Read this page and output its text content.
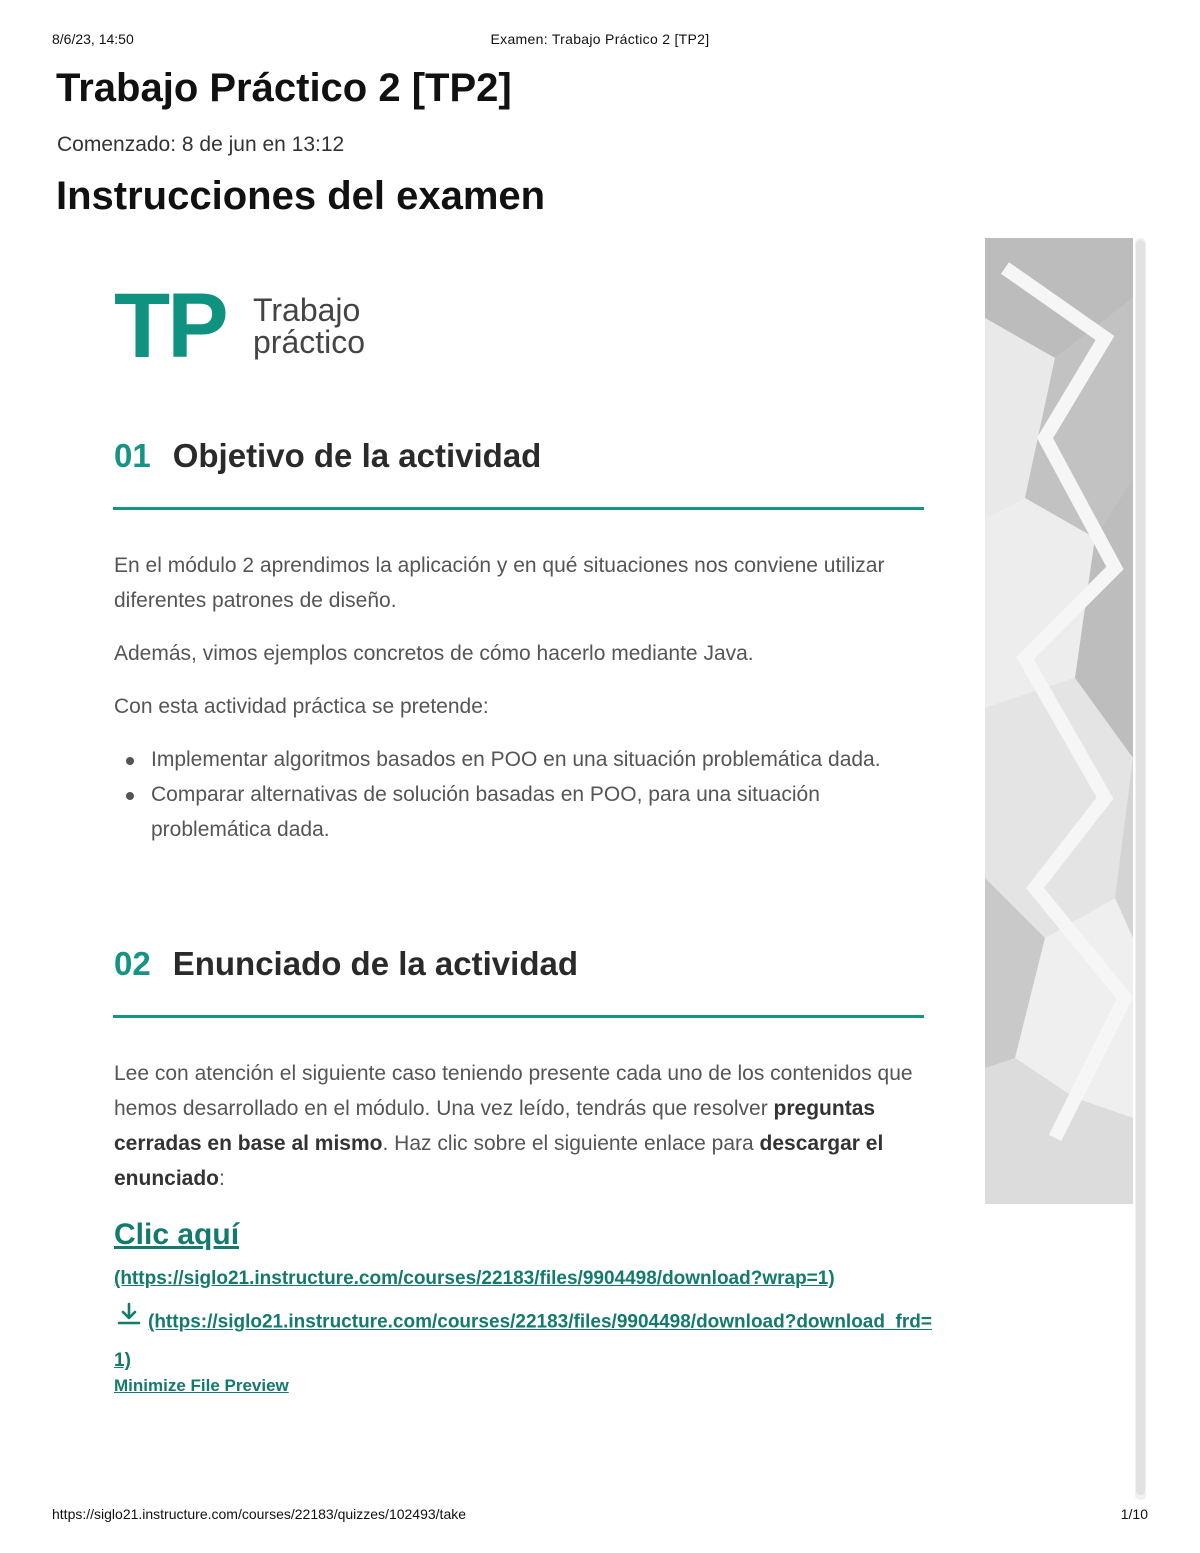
8/6/23, 14:50	Examen: Trabajo Práctico 2 [TP2]
Trabajo Práctico 2 [TP2]
Comenzado: 8 de jun en 13:12
Instrucciones del examen
TP Trabajo
práctico
01 Objetivo de la actividad

En el módulo 2 aprendimos la aplicación y en qué situaciones nos conviene utilizar diferentes patrones de diseño.

Además, vimos ejemplos concretos de cómo hacerlo mediante Java.

Con esta actividad práctica se pretende:

Implementar algoritmos basados en POO en una situación problemática dada.
Comparar alternativas de solución basadas en POO, para una situación problemática dada.
02 Enunciado de la actividad

Lee con atención el siguiente caso teniendo presente cada uno de los contenidos que hemos desarrollado en el módulo. Una vez leído, tendrás que resolver preguntas cerradas en base al mismo. Haz clic sobre el siguiente enlace para descargar el enunciado:

Clic aquí
(https://siglo21.instructure.com/courses/22183/files/9904498/download?wrap=1)
(https://siglo21.instructure.com/courses/22183/files/9904498/download?download_frd=1)
Minimize File Preview
https://siglo21.instructure.com/courses/22183/quizzes/102493/take	1/10
